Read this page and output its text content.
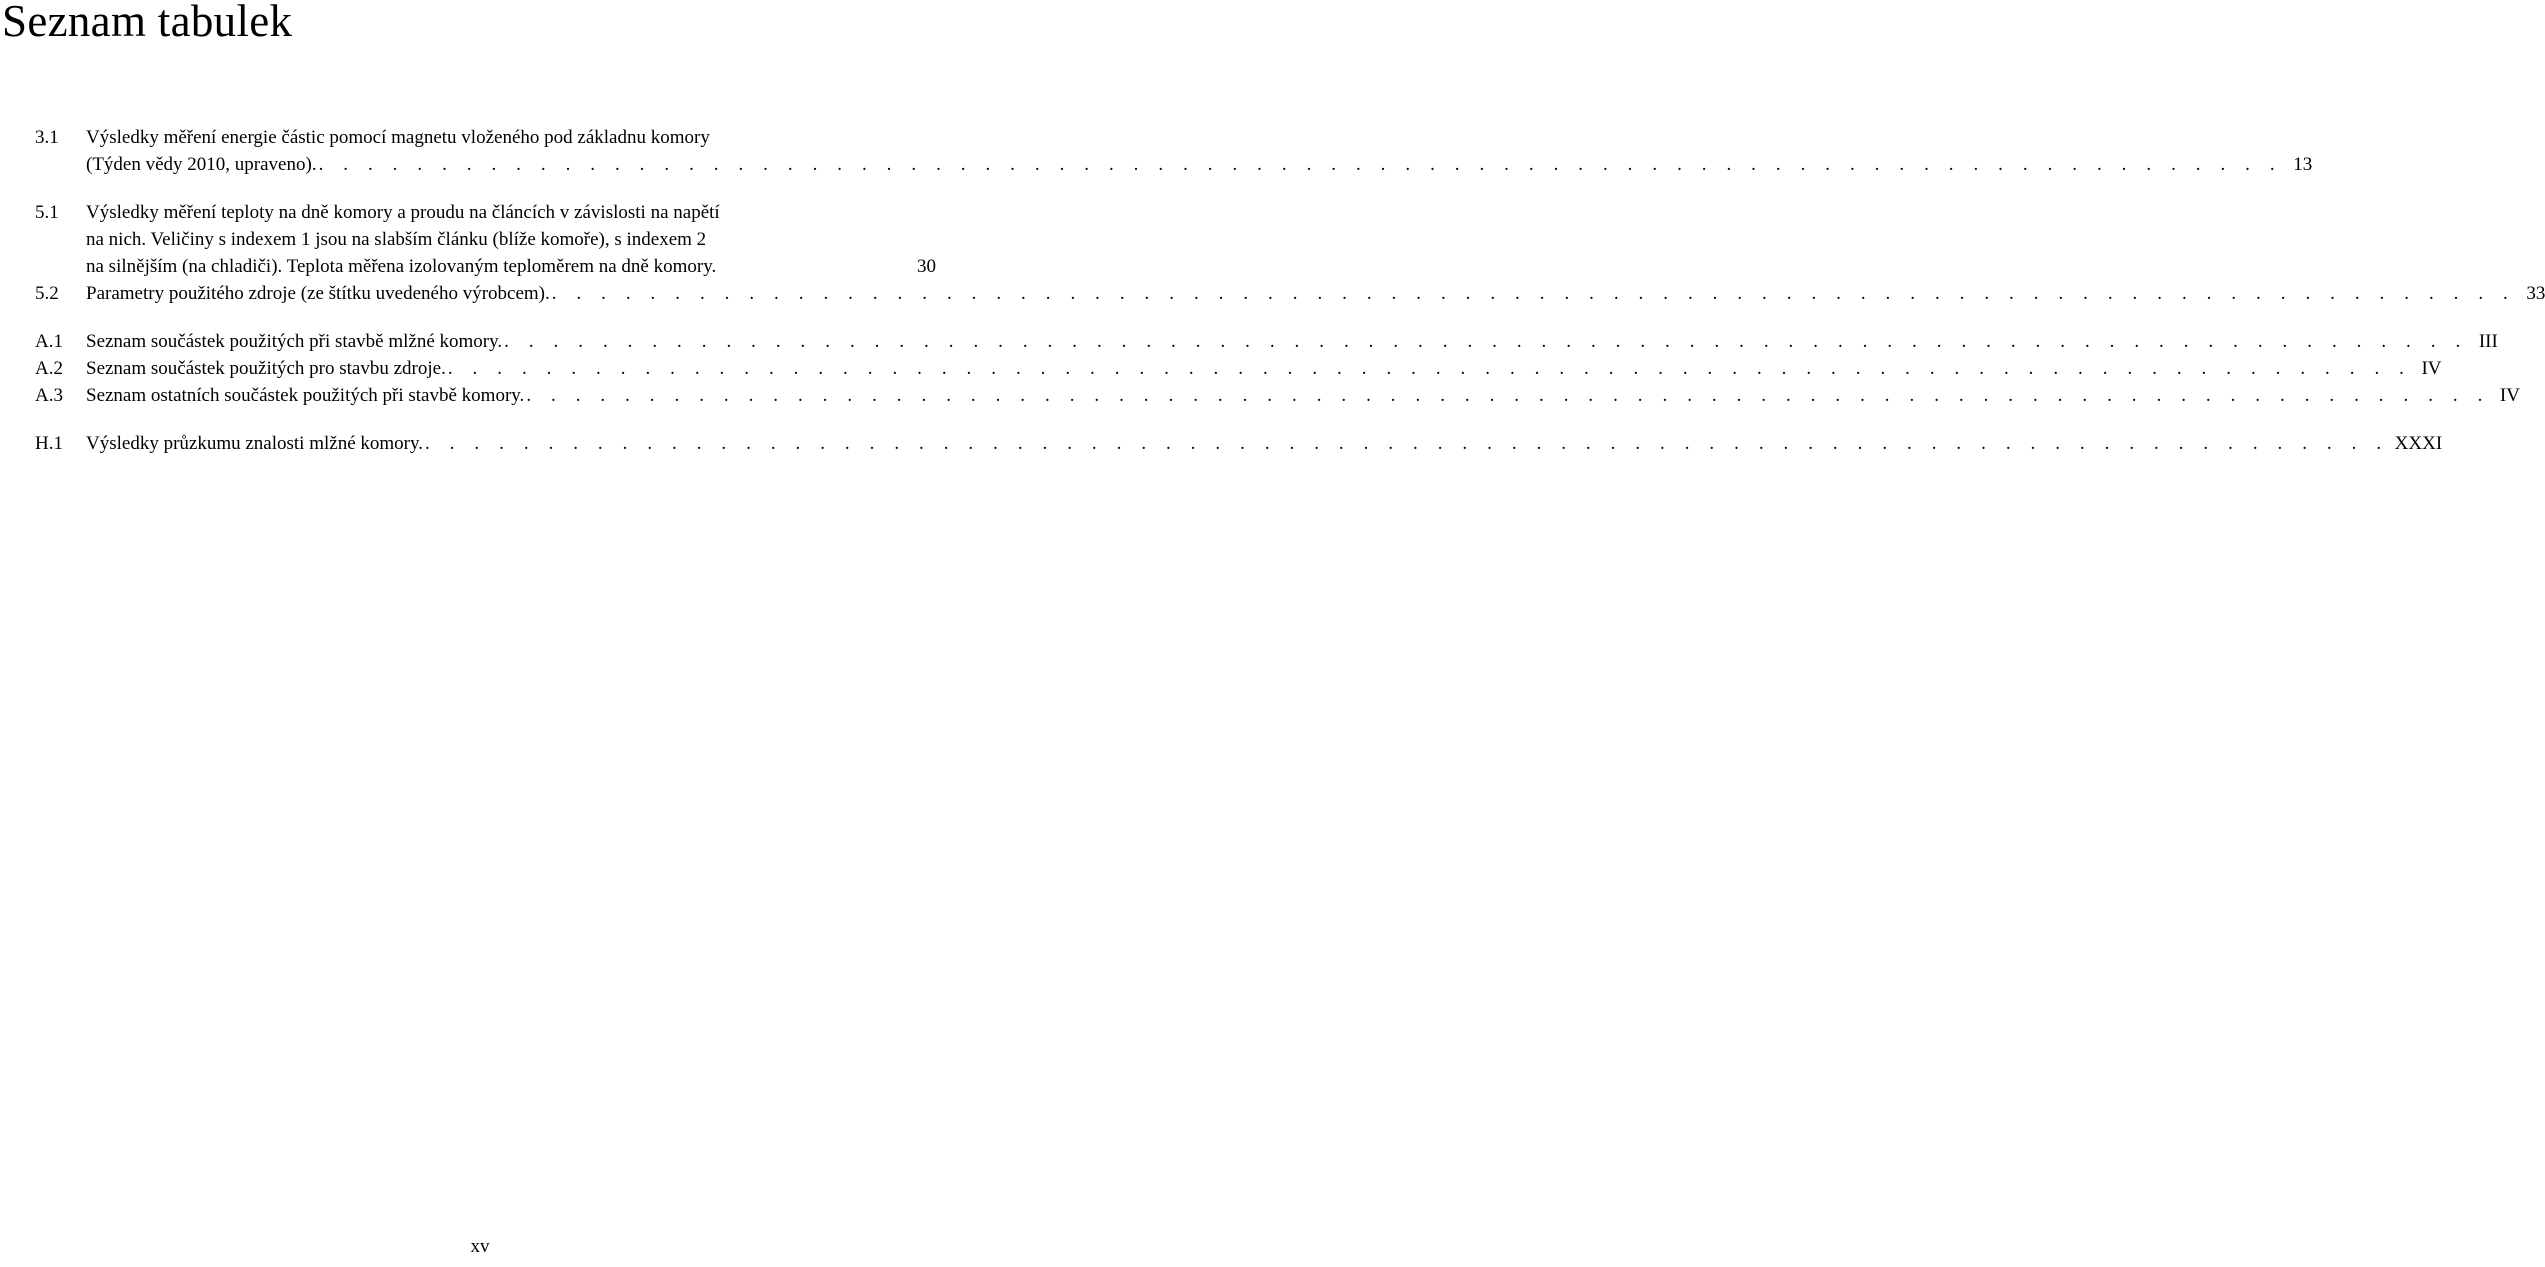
Seznam tabulek
3.1 Výsledky měření energie částic pomocí magnetu vloženého pod základnu komory
(Týden vědy 2010, upraveno). . . . . . . . . . . . . . . . . . . . . . . . . . . . . . . . . . . . . . . . . . . . . . . . . . . . . . . . . . . . . . . . . . . . . . . . . . . . . . . . . 13
5.1 Výsledky měření teploty na dně komory a proudu na článcích v závislosti na napětí
na nich. Veličiny s indexem 1 jsou na slabším článku (blíže komoře), s indexem 2
na silnějším (na chladiči). Teplota měřena izolovaným teploměrem na dně komory.	30
5.2 Parametry použitého zdroje (ze štítku uvedeného výrobcem). . . . . . . . . . . . . . . . . . . . . . . . . . . . . . . . . . . . . . . . . . . . . . . . . . . . . . . . . . . . . . . . . . . . . . . . . . . . . . . . . 33
A.1 Seznam součástek použitých při stavbě mlžné komory. . . . . . . . . . . . . . . . . . . . . . . . . . . . . . . . . . . . . . . . . . . . . . . . . . . . . . . . . . . . . . . . . . . . . . . . . . . . . . . . . III
A.2 Seznam součástek použitých pro stavbu zdroje. . . . . . . . . . . . . . . . . . . . . . . . . . . . . . . . . . . . . . . . . . . . . . . . . . . . . . . . . . . . . . . . . . . . . . . . . . . . . . . . . IV
A.3 Seznam ostatních součástek použitých při stavbě komory. . . . . . . . . . . . . . . . . . . . . . . . . . . . . . . . . . . . . . . . . . . . . . . . . . . . . . . . . . . . . . . . . . . . . . . . . . . . . . . . . IV
H.1 Výsledky průzkumu znalosti mlžné komory. . . . . . . . . . . . . . . . . . . . . . . . . . . . . . . . . . . . . . . . . . . . . . . . . . . . . . . . . . . . . . . . . . . . . . . . . . . . . . . . . XXXI
xv
